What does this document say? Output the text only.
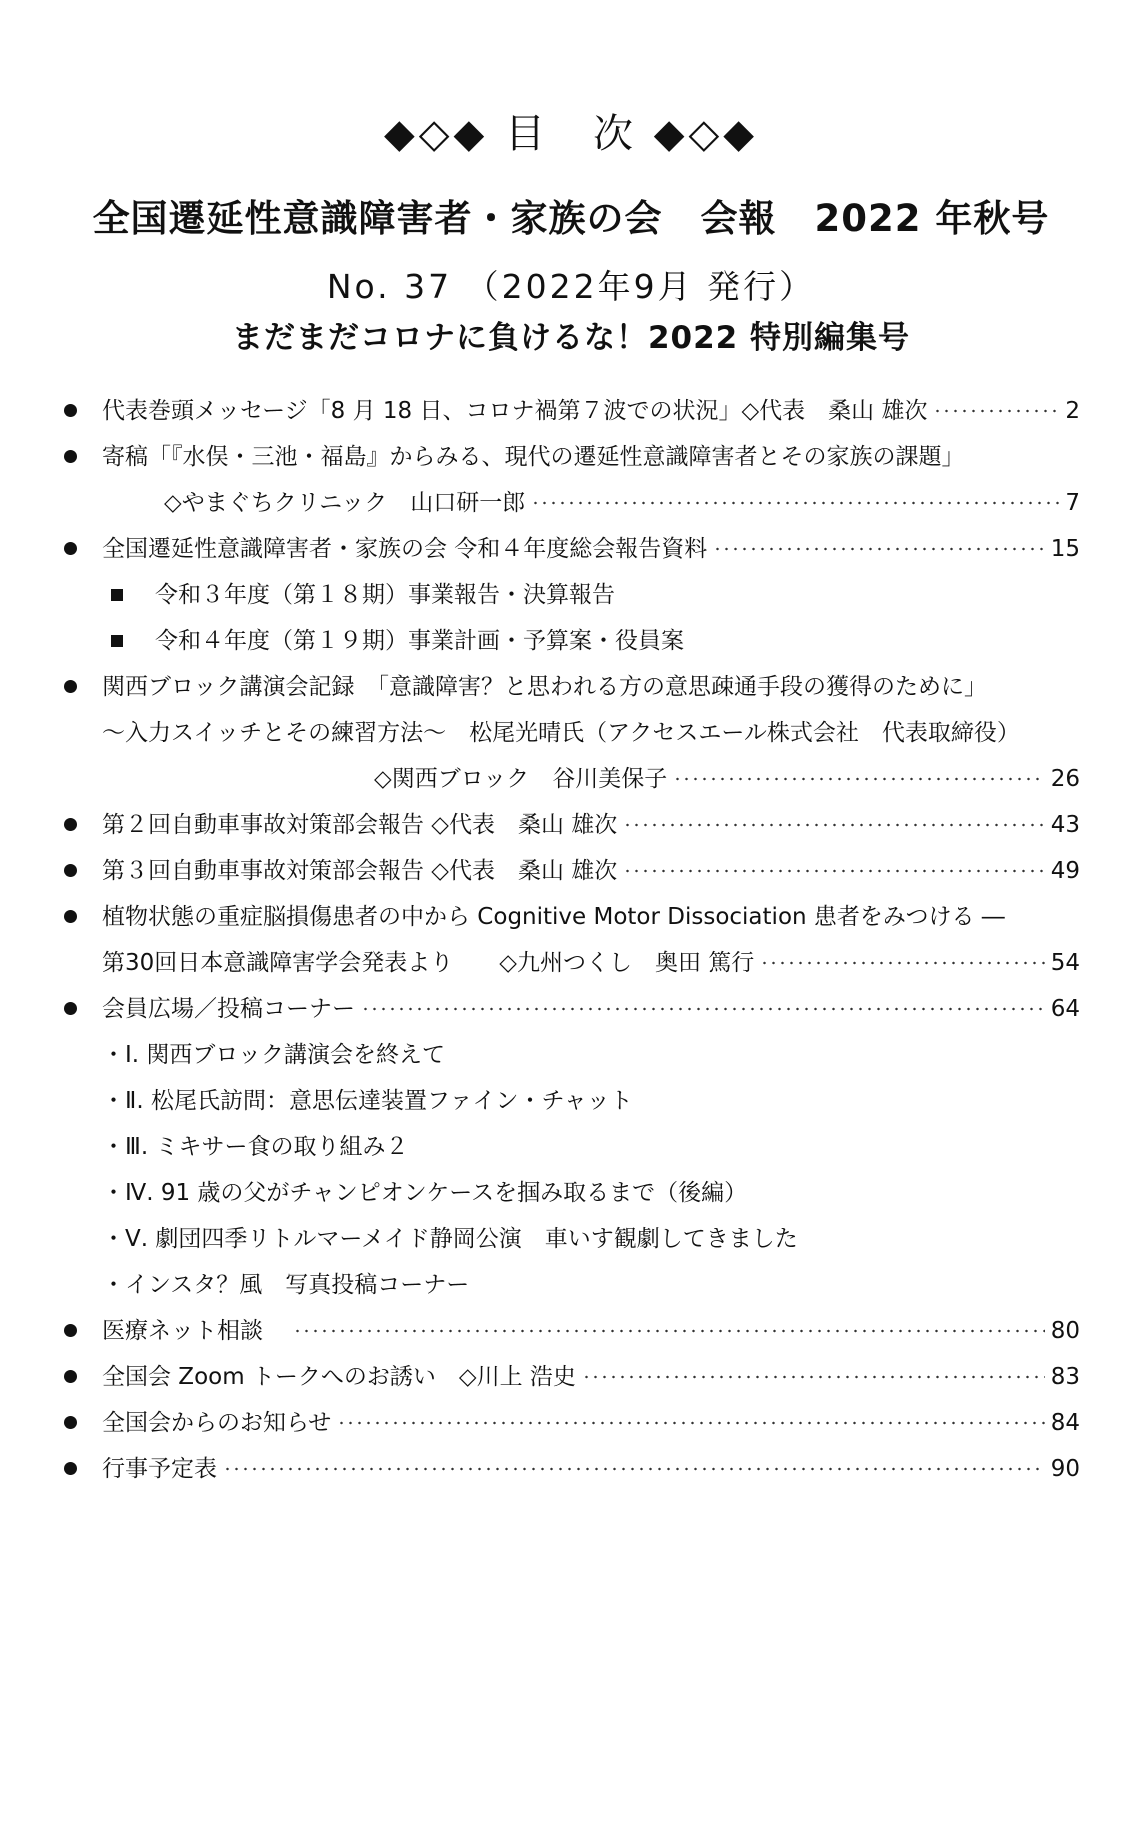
◆◇◆ 目　次 ◆◇◆
全国遷延性意識障害者・家族の会　会報　2022 年秋号
No. 37 （2022年9月 発行）
まだまだコロナに負けるな！2022 特別編集号
代表巻頭メッセージ「8 月 18 日、コロナ禍第７波での状況」◇代表　桑山 雄次	2
寄稿「『水俣・三池・福島』からみる、現代の遷延性意識障害者とその家族の課題」
◇やまぐちクリニック　山口研一郎	7
全国遷延性意識障害者・家族の会 令和４年度総会報告資料	15
令和３年度（第１８期）事業報告・決算報告
令和４年度（第１９期）事業計画・予算案・役員案
関西ブロック講演会記録　「意識障害？と思われる方の意思疎通手段の獲得のために」
～入力スイッチとその練習方法～　松尾光晴氏（アクセスエール株式会社　代表取締役）
◇関西ブロック　谷川美保子	26
第２回自動車事故対策部会報告 ◇代表　桑山 雄次	43
第３回自動車事故対策部会報告 ◇代表　桑山 雄次	49
植物状態の重症脳損傷患者の中から Cognitive Motor Dissociation 患者をみつける ―
第30回日本意識障害学会発表より　　◇九州つくし　奥田 篤行	54
会員広場／投稿コーナー	64
・Ⅰ. 関西ブロック講演会を終えて
・Ⅱ. 松尾氏訪問：意思伝達装置ファイン・チャット
・Ⅲ. ミキサー食の取り組み２
・Ⅳ. 91 歳の父がチャンピオンケースを掴み取るまで（後編）
・Ⅴ. 劇団四季リトルマーメイド静岡公演　車いす観劇してきました
・インスタ？風　写真投稿コーナー
医療ネット相談	80
全国会 Zoom トークへのお誘い　◇川上 浩史	83
全国会からのお知らせ	84
行事予定表	90
